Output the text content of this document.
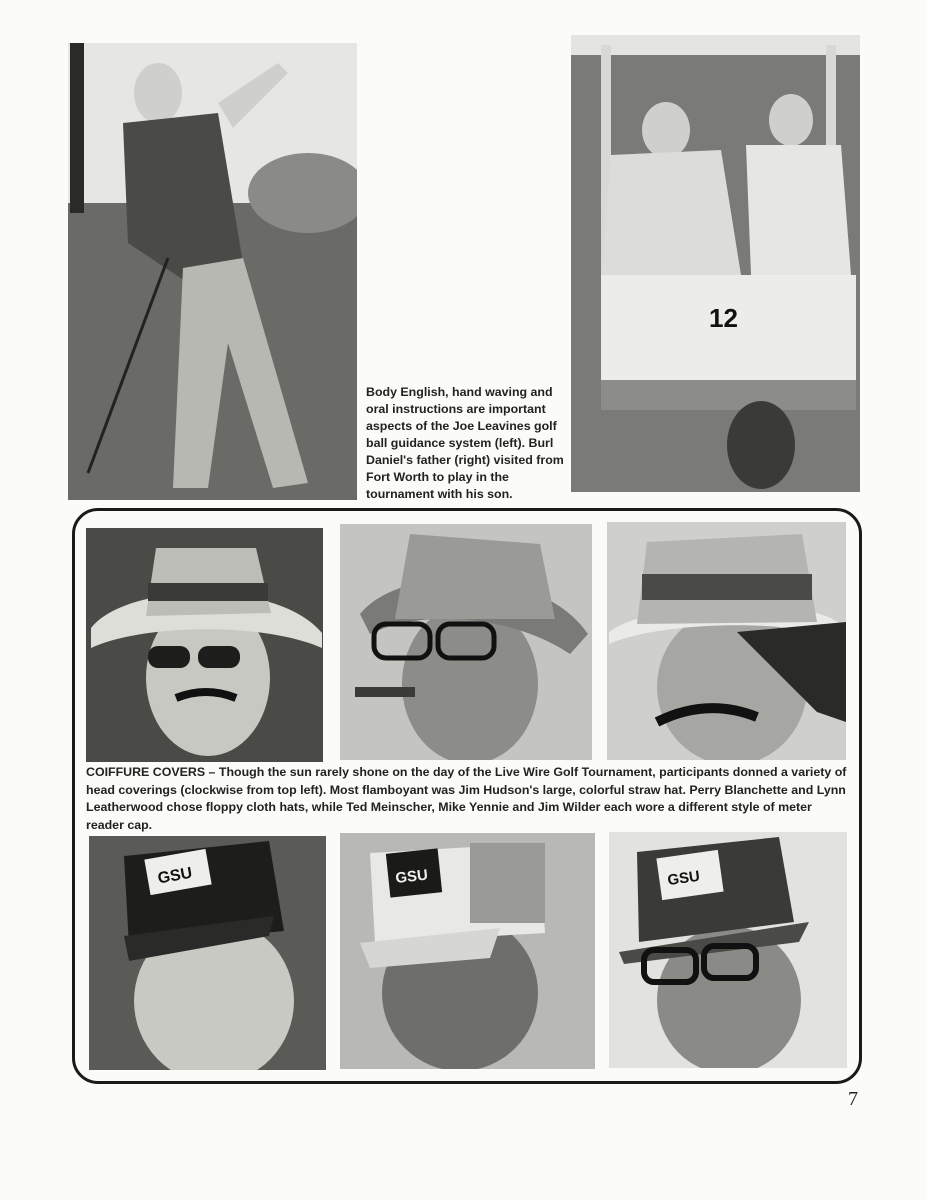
12
Body English, hand waving and oral instructions are important aspects of the Joe Leavines golf ball guidance system (left). Burl Daniel's father (right) visited from Fort Worth to play in the tournament with his son.
COIFFURE COVERS – Though the sun rarely shone on the day of the Live Wire Golf Tournament, participants donned a variety of head coverings (clockwise from top left). Most flamboyant was Jim Hudson's large, colorful straw hat. Perry Blanchette and Lynn Leatherwood chose floppy cloth hats, while Ted Meinscher, Mike Yennie and Jim Wilder each wore a different style of meter reader cap.
GSU	GSU	GSU
7
